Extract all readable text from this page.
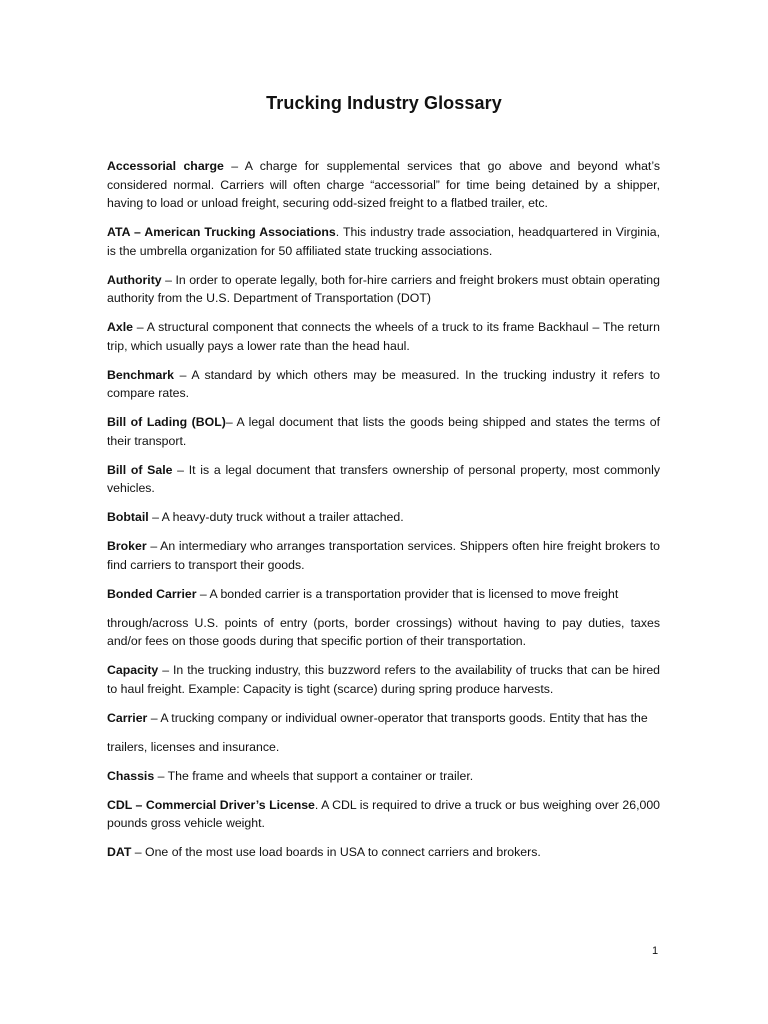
Trucking Industry Glossary

Accessorial charge – A charge for supplemental services that go above and beyond what’s considered normal. Carriers will often charge “accessorial” for time being detained by a shipper, having to load or unload freight, securing odd-sized freight to a flatbed trailer, etc.

ATA – American Trucking Associations. This industry trade association, headquartered in Virginia, is the umbrella organization for 50 affiliated state trucking associations.

Authority – In order to operate legally, both for-hire carriers and freight brokers must obtain operating authority from the U.S. Department of Transportation (DOT)

Axle – A structural component that connects the wheels of a truck to its frame Backhaul – The return trip, which usually pays a lower rate than the head haul.

Benchmark – A standard by which others may be measured. In the trucking industry it refers to compare rates.

Bill of Lading (BOL)– A legal document that lists the goods being shipped and states the terms of their transport.

Bill of Sale – It is a legal document that transfers ownership of personal property, most commonly vehicles.

Bobtail – A heavy-duty truck without a trailer attached.

Broker – An intermediary who arranges transportation services. Shippers often hire freight brokers to find carriers to transport their goods.

Bonded Carrier – A bonded carrier is a transportation provider that is licensed to move freight

through/across U.S. points of entry (ports, border crossings) without having to pay duties, taxes and/or fees on those goods during that specific portion of their transportation.

Capacity – In the trucking industry, this buzzword refers to the availability of trucks that can be hired to haul freight. Example: Capacity is tight (scarce) during spring produce harvests.

Carrier – A trucking company or individual owner-operator that transports goods. Entity that has the

trailers, licenses and insurance.

Chassis – The frame and wheels that support a container or trailer.

CDL – Commercial Driver’s License. A CDL is required to drive a truck or bus weighing over 26,000 pounds gross vehicle weight.

DAT – One of the most use load boards in USA to connect carriers and brokers.

1
